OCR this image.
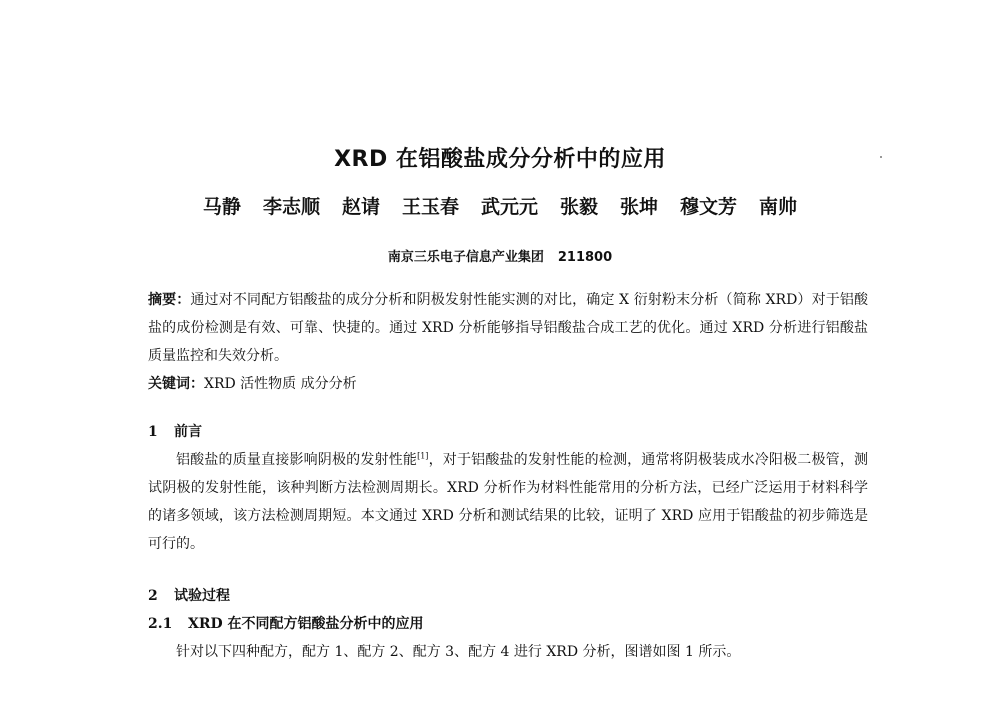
XRD 在铝酸盐成分分析中的应用
马静 李志顺 赵请 王玉春 武元元 张毅 张坤 穆文芳 南帅
南京三乐电子信息产业集团 211800

摘要：通过对不同配方铝酸盐的成分分析和阴极发射性能实测的对比，确定 X 衍射粉末分析（简称 XRD）对于铝酸盐的成份检测是有效、可靠、快捷的。通过 XRD 分析能够指导铝酸盐合成工艺的优化。通过 XRD 分析进行铝酸盐质量监控和失效分析。

关键词：XRD 活性物质 成分分析

1 前言

铝酸盐的质量直接影响阴极的发射性能[1]，对于铝酸盐的发射性能的检测，通常将阴极装成水冷阳极二极管，测试阴极的发射性能，该种判断方法检测周期长。XRD 分析作为材料性能常用的分析方法，已经广泛运用于材料科学的诸多领域，该方法检测周期短。本文通过 XRD 分析和测试结果的比较，证明了 XRD 应用于铝酸盐的初步筛选是可行的。

2 试验过程

2.1 XRD 在不同配方铝酸盐分析中的应用

针对以下四种配方，配方 1、配方 2、配方 3、配方 4 进行 XRD 分析，图谱如图 1 所示。
